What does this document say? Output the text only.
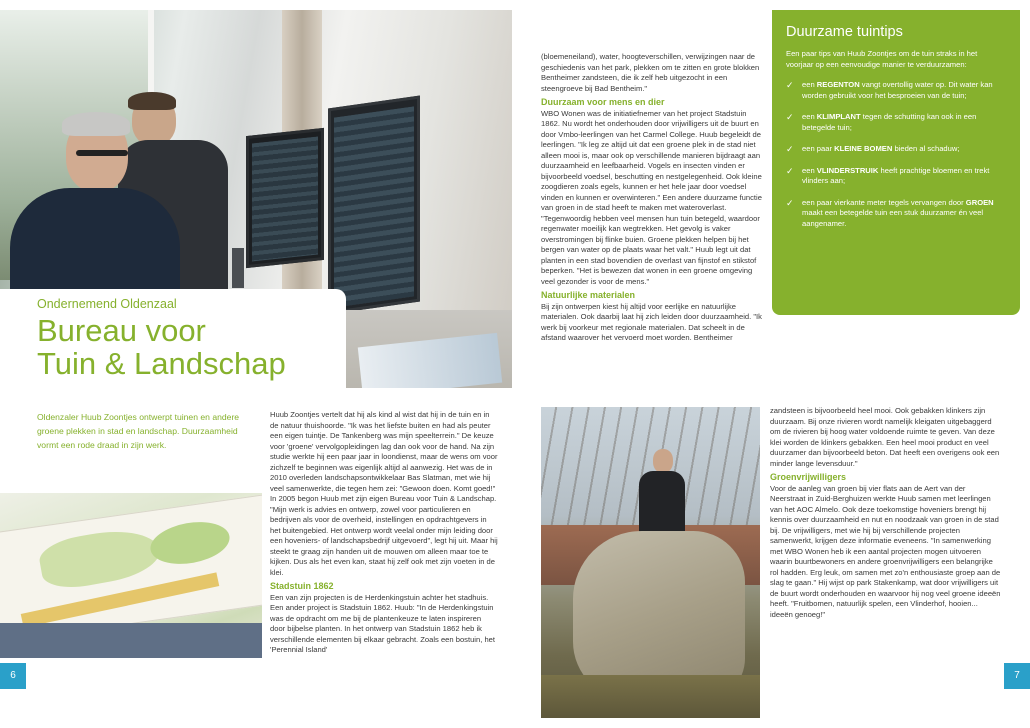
Ondernemend Oldenzaal
Bureau voor
Tuin & Landschap
Oldenzaler Huub Zoontjes ontwerpt tuinen en andere groene plekken in stad en landschap. Duurzaamheid vormt een rode draad in zijn werk.

Huub Zoontjes vertelt dat hij als kind al wist dat hij in de tuin en in de natuur thuishoorde. "Ik was het liefste buiten en had als peuter een eigen tuintje. De Tankenberg was mijn speelterrein." De keuze voor 'groene' vervolgopleidingen lag dan ook voor de hand. Na zijn studie werkte hij een paar jaar in loondienst, maar de wens om voor zichzelf te beginnen was eigenlijk altijd al aanwezig. Het was de in 2010 overleden landschapsontwikkelaar Bas Slatman, met wie hij veel samenwerkte, die tegen hem zei: "Gewoon doen. Komt goed!" In 2005 begon Huub met zijn eigen Bureau voor Tuin & Landschap. "Mijn werk is advies en ontwerp, zowel voor particulieren en bedrijven als voor de overheid, instellingen en opdrachtgevers in het buitengebied. Het ontwerp wordt veelal onder mijn leiding door een hoveniers- of landschapsbedrijf uitgevoerd", legt hij uit. Maar hij steekt te graag zijn handen uit de mouwen om alleen maar toe te kijken. Dus als het even kan, staat hij zelf ook met zijn voeten in de klei.

Stadstuin 1862

Een van zijn projecten is de Herdenkingstuin achter het stadhuis. Een ander project is Stadstuin 1862. Huub: "In de Herdenkingstuin was de opdracht om me bij de plantenkeuze te laten inspireren door bijbelse planten. In het ontwerp van Stadstuin 1862 heb ik verschillende elementen bij elkaar gebracht. Zoals een bostuin, het 'Perennial Island'

6

(bloemeneiland), water, hoogteverschillen, verwijzingen naar de geschiedenis van het park, plekken om te zitten en grote blokken Bentheimer zandsteen, die ik zelf heb uitgezocht in een steengroeve bij Bad Bentheim."

Duurzaam voor mens en dier

WBO Wonen was de initiatiefnemer van het project Stadstuin 1862. Nu wordt het onderhouden door vrijwilligers uit de buurt en door Vmbo-leerlingen van het Carmel College. Huub begeleidt de leerlingen. "Ik leg ze altijd uit dat een groene plek in de stad niet alleen mooi is, maar ook op verschillende manieren bijdraagt aan duurzaamheid en leefbaarheid. Vogels en insecten vinden er bijvoorbeeld voedsel, beschutting en nestgelegenheid. Ook kleine zoogdieren zoals egels, kunnen er het hele jaar door voedsel vinden en kunnen er overwinteren." Een andere duurzame functie van groen in de stad heeft te maken met wateroverlast. "Tegenwoordig hebben veel mensen hun tuin betegeld, waardoor regenwater moeilijk kan wegtrekken. Het gevolg is vaker overstromingen bij flinke buien. Groene plekken helpen bij het bergen van water op de plaats waar het valt." Huub legt uit dat planten in een stad bovendien de overlast van fijnstof en stikstof beperken. "Het is bewezen dat wonen in een groene omgeving veel gezonder is voor de mens."

Natuurlijke materialen

Bij zijn ontwerpen kiest hij altijd voor eerlijke en natuurlijke materialen. Ook daarbij laat hij zich leiden door duurzaamheid. "Ik werk bij voorkeur met regionale materialen. Dat scheelt in de afstand waarover het vervoerd moet worden. Bentheimer

Duurzame tuintips
Een paar tips van Huub Zoontjes om de tuin straks in het voorjaar op een eenvoudige manier te verduurzamen:
✓ een REGENTON vangt overtollig water op. Dit water kan worden gebruikt voor het besproeien van de tuin;
✓ een KLIMPLANT tegen de schutting kan ook in een betegelde tuin;
✓ een paar KLEINE BOMEN bieden al schaduw;
✓ een VLINDERSTRUIK heeft prachtige bloemen en trekt vlinders aan;
✓ een paar vierkante meter tegels vervangen door GROEN maakt een betegelde tuin een stuk duurzamer én veel aangenamer.

zandsteen is bijvoorbeeld heel mooi. Ook gebakken klinkers zijn duurzaam. Bij onze rivieren wordt namelijk kleigaten uitgebaggerd om de rivieren bij hoog water voldoende ruimte te geven. Van deze klei worden de klinkers gebakken. Een heel mooi product en veel duurzamer dan bijvoorbeeld beton. Dat heeft een overigens ook een minder lange levensduur."

Groenvrijwilligers

Voor de aanleg van groen bij vier flats aan de Aert van der Neerstraat in Zuid-Berghuizen werkte Huub samen met leerlingen van het AOC Almelo. Ook deze toekomstige hoveniers brengt hij kennis over duurzaamheid en nut en noodzaak van groen in de stad bij. De vrijwilligers, met wie hij bij verschillende projecten samenwerkt, krijgen deze informatie eveneens. "In samenwerking met WBO Wonen heb ik een aantal projecten mogen uitvoeren waarin buurtbewoners en andere groenvrijwilligers een belangrijke rol hadden. Erg leuk, om samen met zo'n enthousiaste groep aan de slag te gaan." Hij wijst op park Stakenkamp, wat door vrijwilligers uit de buurt wordt onderhouden en waarvoor hij nog veel groene ideeën heeft. "Fruitbomen, natuurlijk spelen, een Vlinderhof, hooien... ideeën genoeg!"

7
